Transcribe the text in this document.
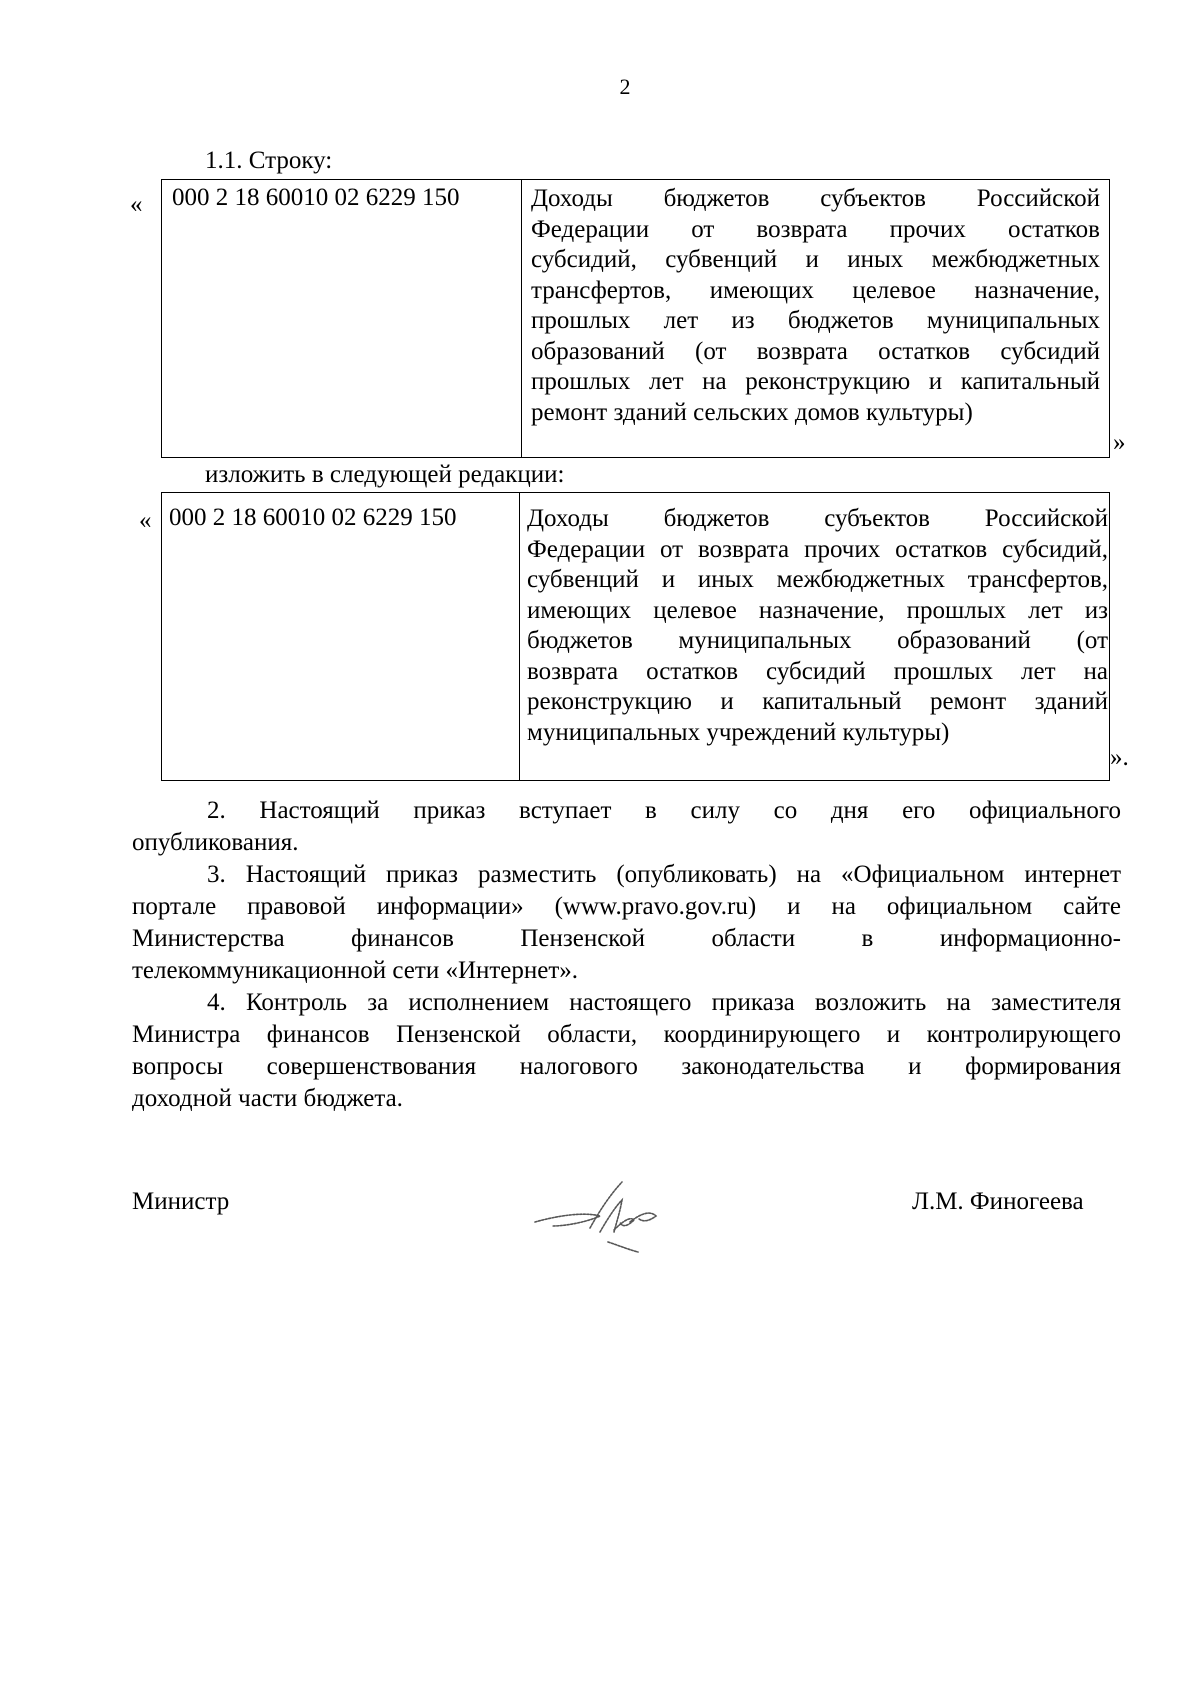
2
1.1. Строку:
«	000 2 18 60010 02 6229 150	Доходы бюджетов субъектов Российской
Федерации от возврата прочих остатков
субсидий, субвенций и иных межбюджетных
трансфертов, имеющих целевое назначение,
прошлых лет из бюджетов муниципальных
образований (от возврата остатков субсидий
прошлых лет на реконструкцию и капитальный
ремонт зданий сельских домов культуры)
»
изложить в следующей редакции:
« 000 2 18 60010 02 6229 150	Доходы бюджетов субъектов Российской
Федерации от возврата прочих остатков субсидий,
субвенций и иных межбюджетных трансфертов,
имеющих целевое назначение, прошлых лет из
бюджетов муниципальных образований (от
возврата остатков субсидий прошлых лет на
реконструкцию и капитальный ремонт зданий
муниципальных учреждений культуры)
».
2. Настоящий приказ вступает в силу со дня его официального
опубликования.
3. Настоящий приказ разместить (опубликовать) на «Официальном интернет
портале правовой информации» (www.pravo.gov.ru) и на официальном сайте
Министерства финансов Пензенской области в информационно-
телекоммуникационной сети «Интернет».
4. Контроль за исполнением настоящего приказа возложить на заместителя
Министра финансов Пензенской области, координирующего и контролирующего
вопросы совершенствования налогового законодательства и формирования
доходной части бюджета.
Министр	Л.М. Финогеева
